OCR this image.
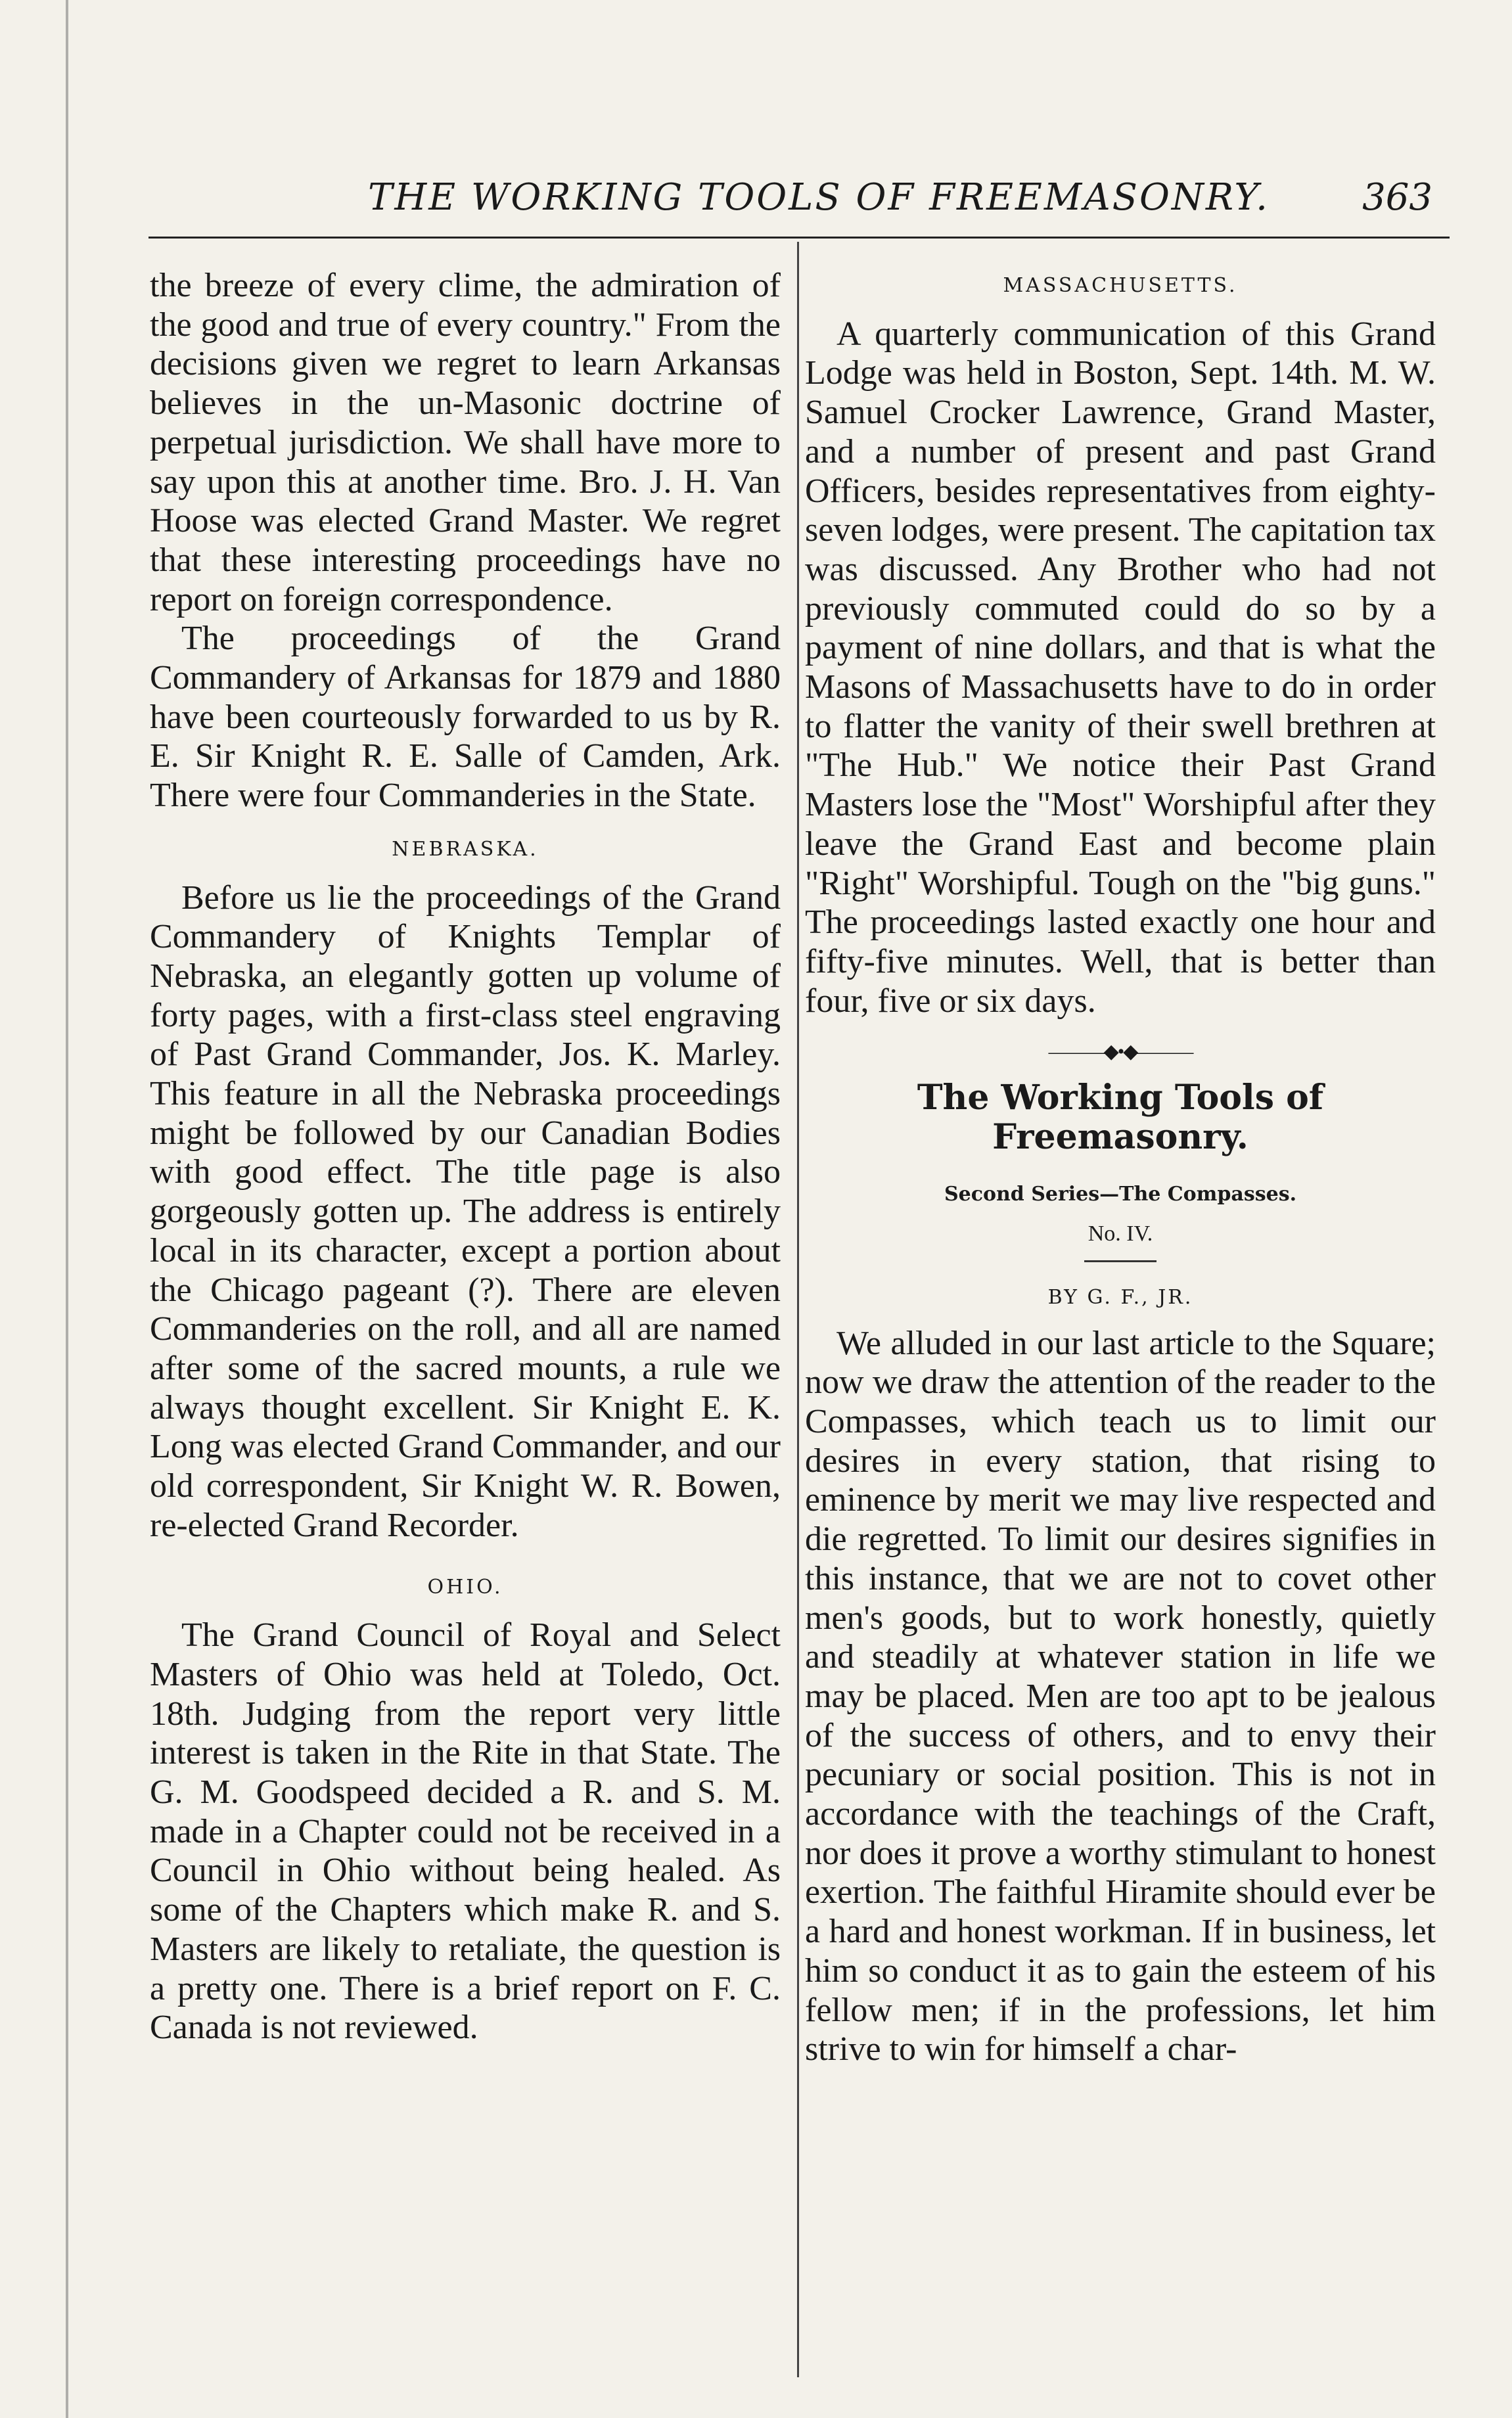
THE WORKING TOOLS OF FREEMASONRY.	363

the breeze of every clime, the admiration of the good and true of every country." From the decisions given we regret to learn Arkansas believes in the un-Masonic doctrine of perpetual jurisdiction. We shall have more to say upon this at another time. Bro. J. H. Van Hoose was elected Grand Master. We regret that these interesting proceedings have no report on foreign correspondence.

The proceedings of the Grand Commandery of Arkansas for 1879 and 1880 have been courteously forwarded to us by R. E. Sir Knight R. E. Salle of Camden, Ark. There were four Commanderies in the State.

NEBRASKA.

Before us lie the proceedings of the Grand Commandery of Knights Templar of Nebraska, an elegantly gotten up volume of forty pages, with a first-class steel engraving of Past Grand Commander, Jos. K. Marley. This feature in all the Nebraska proceedings might be followed by our Canadian Bodies with good effect. The title page is also gorgeously gotten up. The address is entirely local in its character, except a portion about the Chicago pageant (?). There are eleven Commanderies on the roll, and all are named after some of the sacred mounts, a rule we always thought excellent. Sir Knight E. K. Long was elected Grand Commander, and our old correspondent, Sir Knight W. R. Bowen, re-elected Grand Recorder.

OHIO.

The Grand Council of Royal and Select Masters of Ohio was held at Toledo, Oct. 18th. Judging from the report very little interest is taken in the Rite in that State. The G. M. Goodspeed decided a R. and S. M. made in a Chapter could not be received in a Council in Ohio without being healed. As some of the Chapters which make R. and S. Masters are likely to retaliate, the question is a pretty one. There is a brief report on F. C. Canada is not reviewed.

MASSACHUSETTS.

A quarterly communication of this Grand Lodge was held in Boston, Sept. 14th. M. W. Samuel Crocker Lawrence, Grand Master, and a number of present and past Grand Officers, besides representatives from eighty-seven lodges, were present. The capitation tax was discussed. Any Brother who had not previously commuted could do so by a payment of nine dollars, and that is what the Masons of Massachusetts have to do in order to flatter the vanity of their swell brethren at "The Hub." We notice their Past Grand Masters lose the "Most" Worshipful after they leave the Grand East and become plain "Right" Worshipful. Tough on the "big guns." The proceedings lasted exactly one hour and fifty-five minutes. Well, that is better than four, five or six days.

———◆•◆———
The Working Tools of Freemasonry.
Second Series—The Compasses.
No. IV.
BY G. F., JR.

We alluded in our last article to the Square; now we draw the attention of the reader to the Compasses, which teach us to limit our desires in every station, that rising to eminence by merit we may live respected and die regretted. To limit our desires signifies in this instance, that we are not to covet other men's goods, but to work honestly, quietly and steadily at whatever station in life we may be placed. Men are too apt to be jealous of the success of others, and to envy their pecuniary or social position. This is not in accordance with the teachings of the Craft, nor does it prove a worthy stimulant to honest exertion. The faithful Hiramite should ever be a hard and honest workman. If in business, let him so conduct it as to gain the esteem of his fellow men; if in the professions, let him strive to win for himself a char-
